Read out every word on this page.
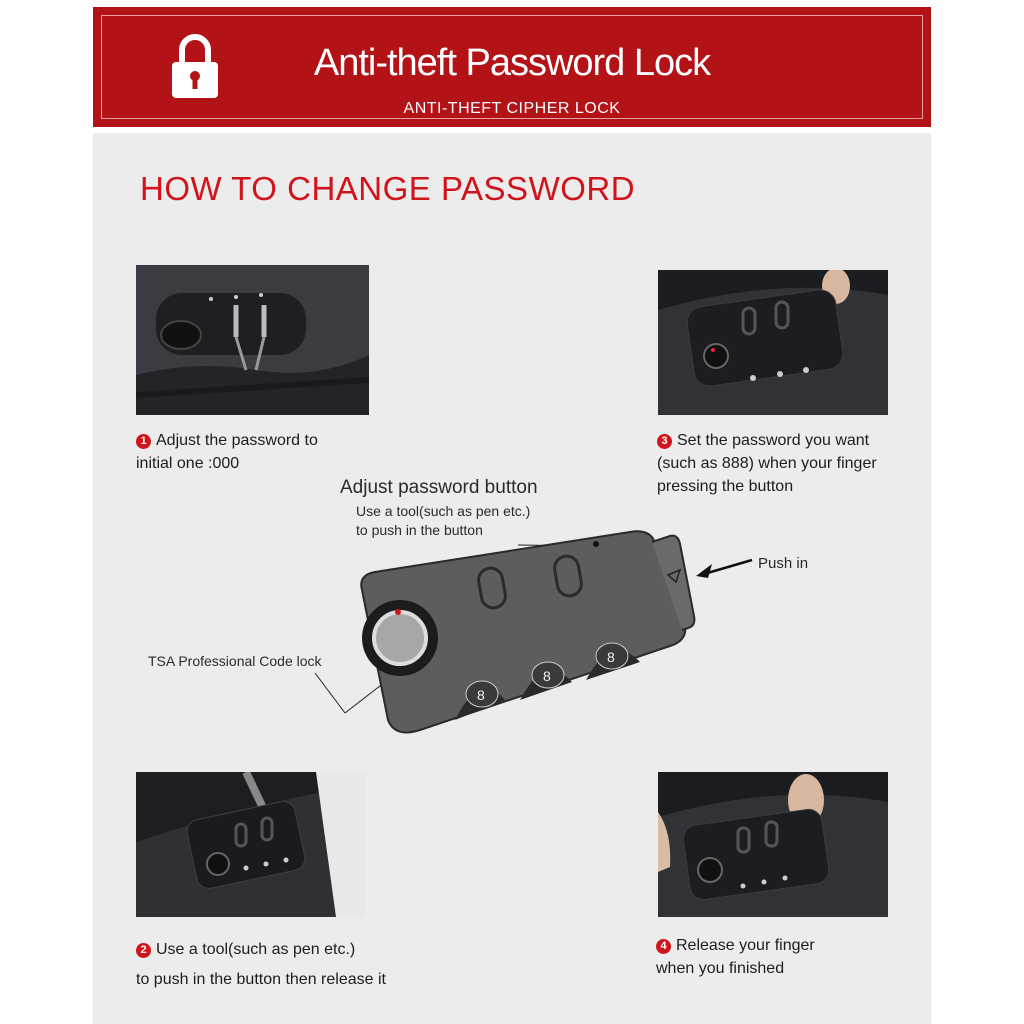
Anti-theft Password Lock
ANTI-THEFT CIPHER LOCK
HOW TO CHANGE PASSWORD
1 Adjust the password to
initial one :000
3 Set the password you want
(such as 888) when your finger
pressing the button
2 Use a tool(such as pen etc.)
to push in the button then release it
4 Release your finger
when you finished
Adjust password button
Use a tool(such as pen etc.)
to push in the button
Push in
TSA Professional Code lock
8
8
8
